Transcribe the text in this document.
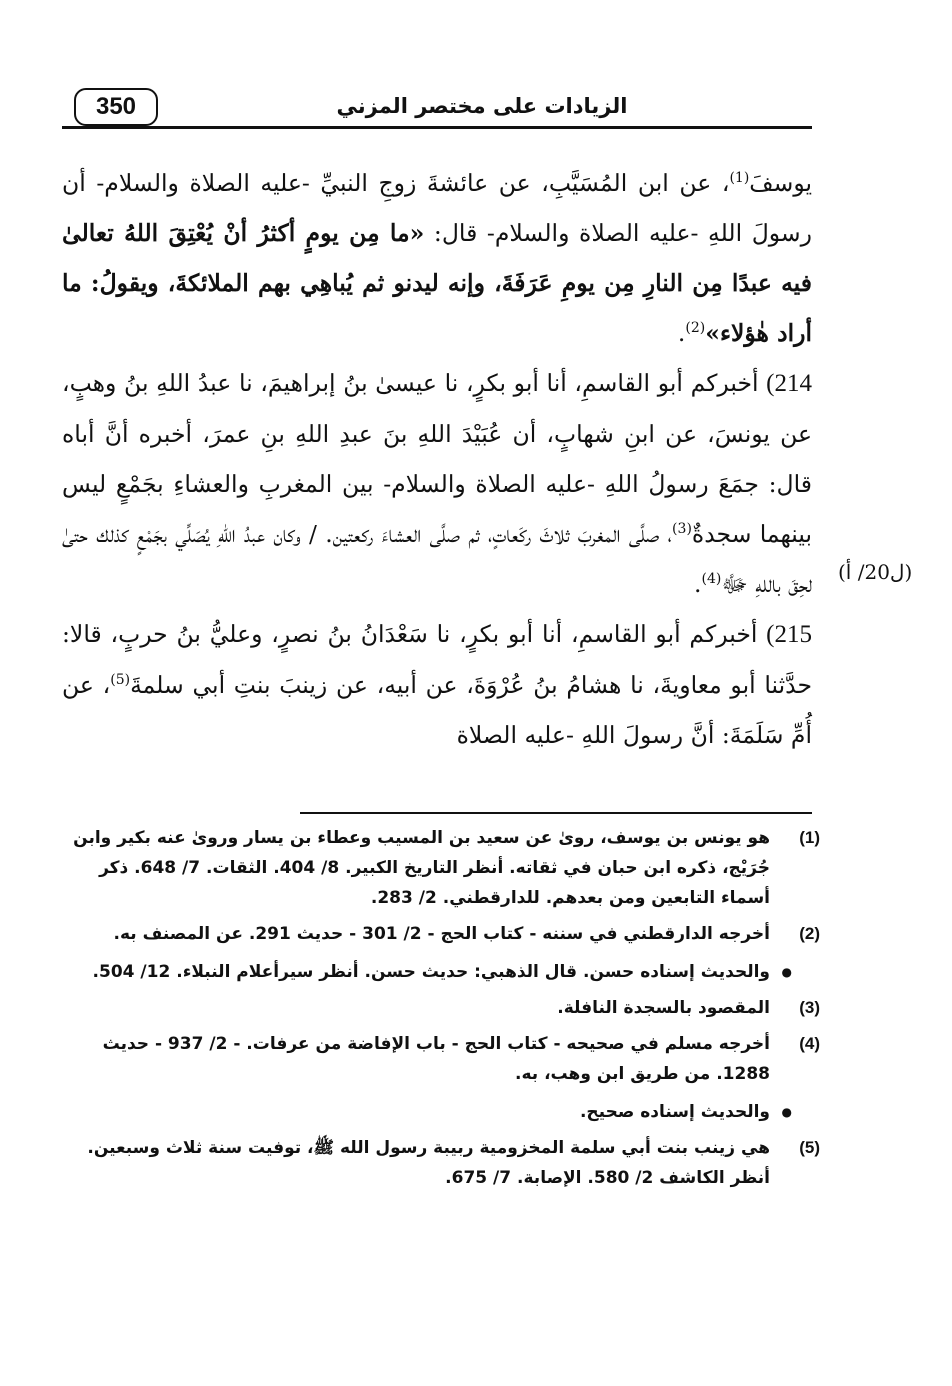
الزيادات على مختصر المزني
350

يوسفَ$^{(1)}$، عن ابن المُسَيَّبِ، عن عائشةَ زوجِ النبيِّ -عليه الصلاة والسلام- أن رسولَ اللهِ -عليه الصلاة والسلام- قال: «ما مِن يومٍ أكثرُ أنْ يُعْتِقَ اللهُ تعالىٰ فيه عبدًا مِن النارِ مِن يومِ عَرَفَةَ، وإنه ليدنو ثم يُباهِي بهم الملائكةَ، ويقولُ: ما أراد هٰؤلاء»$^{(2)}$.

214) أخبركم أبو القاسمِ، أنا أبو بكرٍ، نا عيسىٰ بنُ إبراهيمَ، نا عبدُ اللهِ بنُ وهبٍ، عن يونسَ، عن ابنِ شهابٍ، أن عُبَيْدَ اللهِ بنَ عبدِ اللهِ بنِ عمرَ، أخبره أنَّ أباه قال: جمَعَ رسولُ اللهِ -عليه الصلاة والسلام- بين المغربِ والعشاءِ بجَمْعٍ ليس بينهما سجدةٌ$^{(3)}$، صلَّى المغربَ ثلاثَ ركَعاتٍ، ثم صلَّى العشاءَ ركعتين. / وكان عبدُ اللهِ يُصَلِّي بجَمْعٍ كذلك حتىٰ لحِقَ باللهِ ﷻ$^{(4)}$.

215) أخبركم أبو القاسمِ، أنا أبو بكرٍ، نا سَعْدَانُ بنُ نصرٍ، وعليُّ بنُ حربٍ، قالا: حدَّثنا أبو معاويةَ، نا هشامُ بنُ عُرْوَةَ، عن أبيه، عن زينبَ بنتِ أبي سلمةَ$^{(5)}$، عن أُمِّ سَلَمَةَ: أنَّ رسولَ اللهِ -عليه الصلاة

(ل20/ أ)
(1)
هو يونس بن يوسف، رویٰ عن سعيد بن المسيب وعطاء بن يسار وروىٰ عنه بكير وابن جُرَيْج، ذكره ابن حبان في ثقاته. أنظر التاريخ الكبير. 8/ 404. الثقات. 7/ 648. ذكر أسماء التابعين ومن بعدهم. للدارقطني. 2/ 283.
(2)
أخرجه الدارقطني في سننه - كتاب الحج - 2/ 301 - حديث 291. عن المصنف به.
● والحديث إسناده حسن. قال الذهبي: حديث حسن. أنظر سيرأعلام النبلاء. 12/ 504.
(3)
المقصود بالسجدة النافلة.
(4)
أخرجه مسلم في صحيحه - كتاب الحج - باب الإفاضة من عرفات. - 2/ 937 - حديث 1288. من طريق ابن وهب، به.
● والحديث إسناده صحيح.
(5)
هي زينب بنت أبي سلمة المخزومية ربيبة رسول الله ﷺ، توفيت سنة ثلاث وسبعين. أنظر الكاشف 2/ 580. الإصابة. 7/ 675.
